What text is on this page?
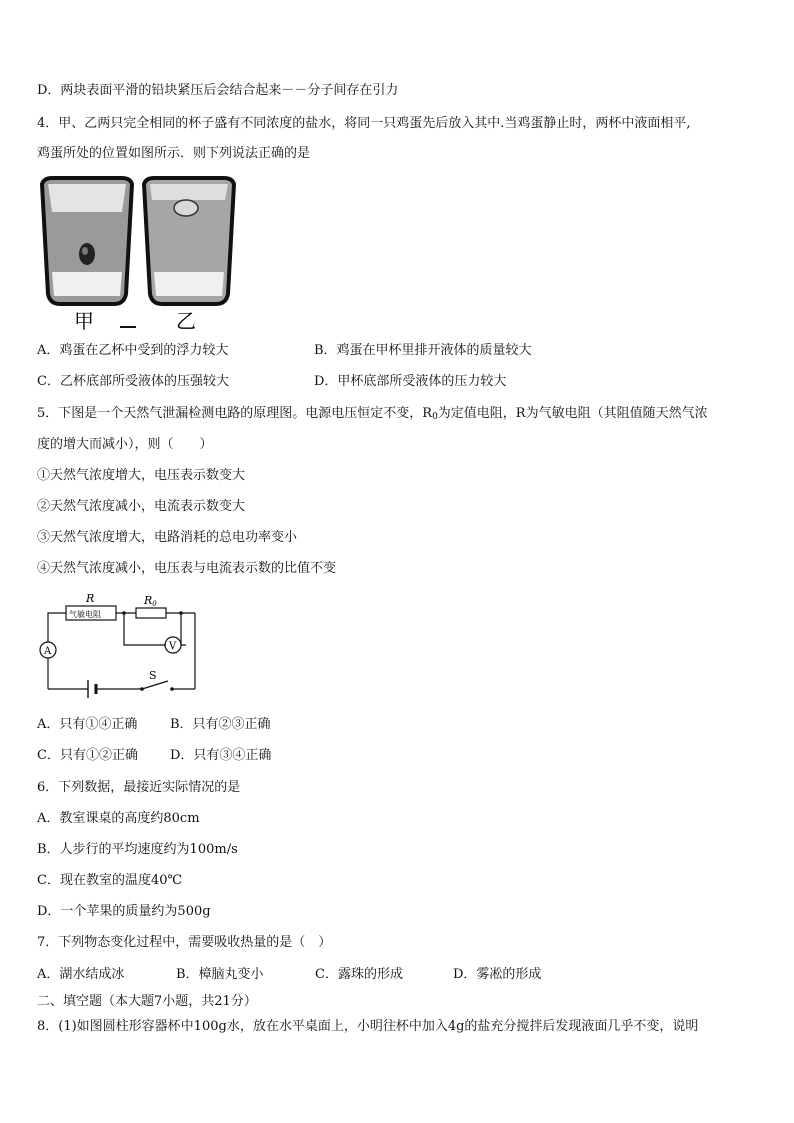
D．两块表面平滑的铅块紧压后会结合起来－－分子间存在引力
4．甲、乙两只完全相同的杯子盛有不同浓度的盐水，将同一只鸡蛋先后放入其中.当鸡蛋静止时，两杯中液面相平,
鸡蛋所处的位置如图所示．则下列说法正确的是
甲	乙
A．鸡蛋在乙杯中受到的浮力较大	B．鸡蛋在甲杯里排开液体的质量较大
C．乙杯底部所受液体的压强较大	D．甲杯底部所受液体的压力较大
5．下图是一个天然气泄漏检测电路的原理图。电源电压恒定不变，$R_0$为定值电阻，R为气敏电阻（其阻值随天然气浓
度的增大而减小），则（　　）
①天然气浓度增大，电压表示数变大
②天然气浓度减小，电流表示数变大
③天然气浓度增大，电路消耗的总电功率变小
④天然气浓度减小，电压表与电流表示数的比值不变
R
气敏电阻
R0
V
A
S
A．只有①④正确	B．只有②③正确
C．只有①②正确 D．只有③④正确
6．下列数据，最接近实际情况的是
A．教室课桌的高度约80cm
B．人步行的平均速度约为100m/s
C．现在教室的温度40℃
D．一个苹果的质量约为500g
7．下列物态变化过程中，需要吸收热量的是（　）
A．湖水结成冰	B．樟脑丸变小	C．露珠的形成	D．雾凇的形成
二、填空题（本大题7小题，共21分）
8．(1)如图圆柱形容器杯中100g水，放在水平桌面上，小明往杯中加入4g的盐充分搅拌后发现液面几乎不变，说明
